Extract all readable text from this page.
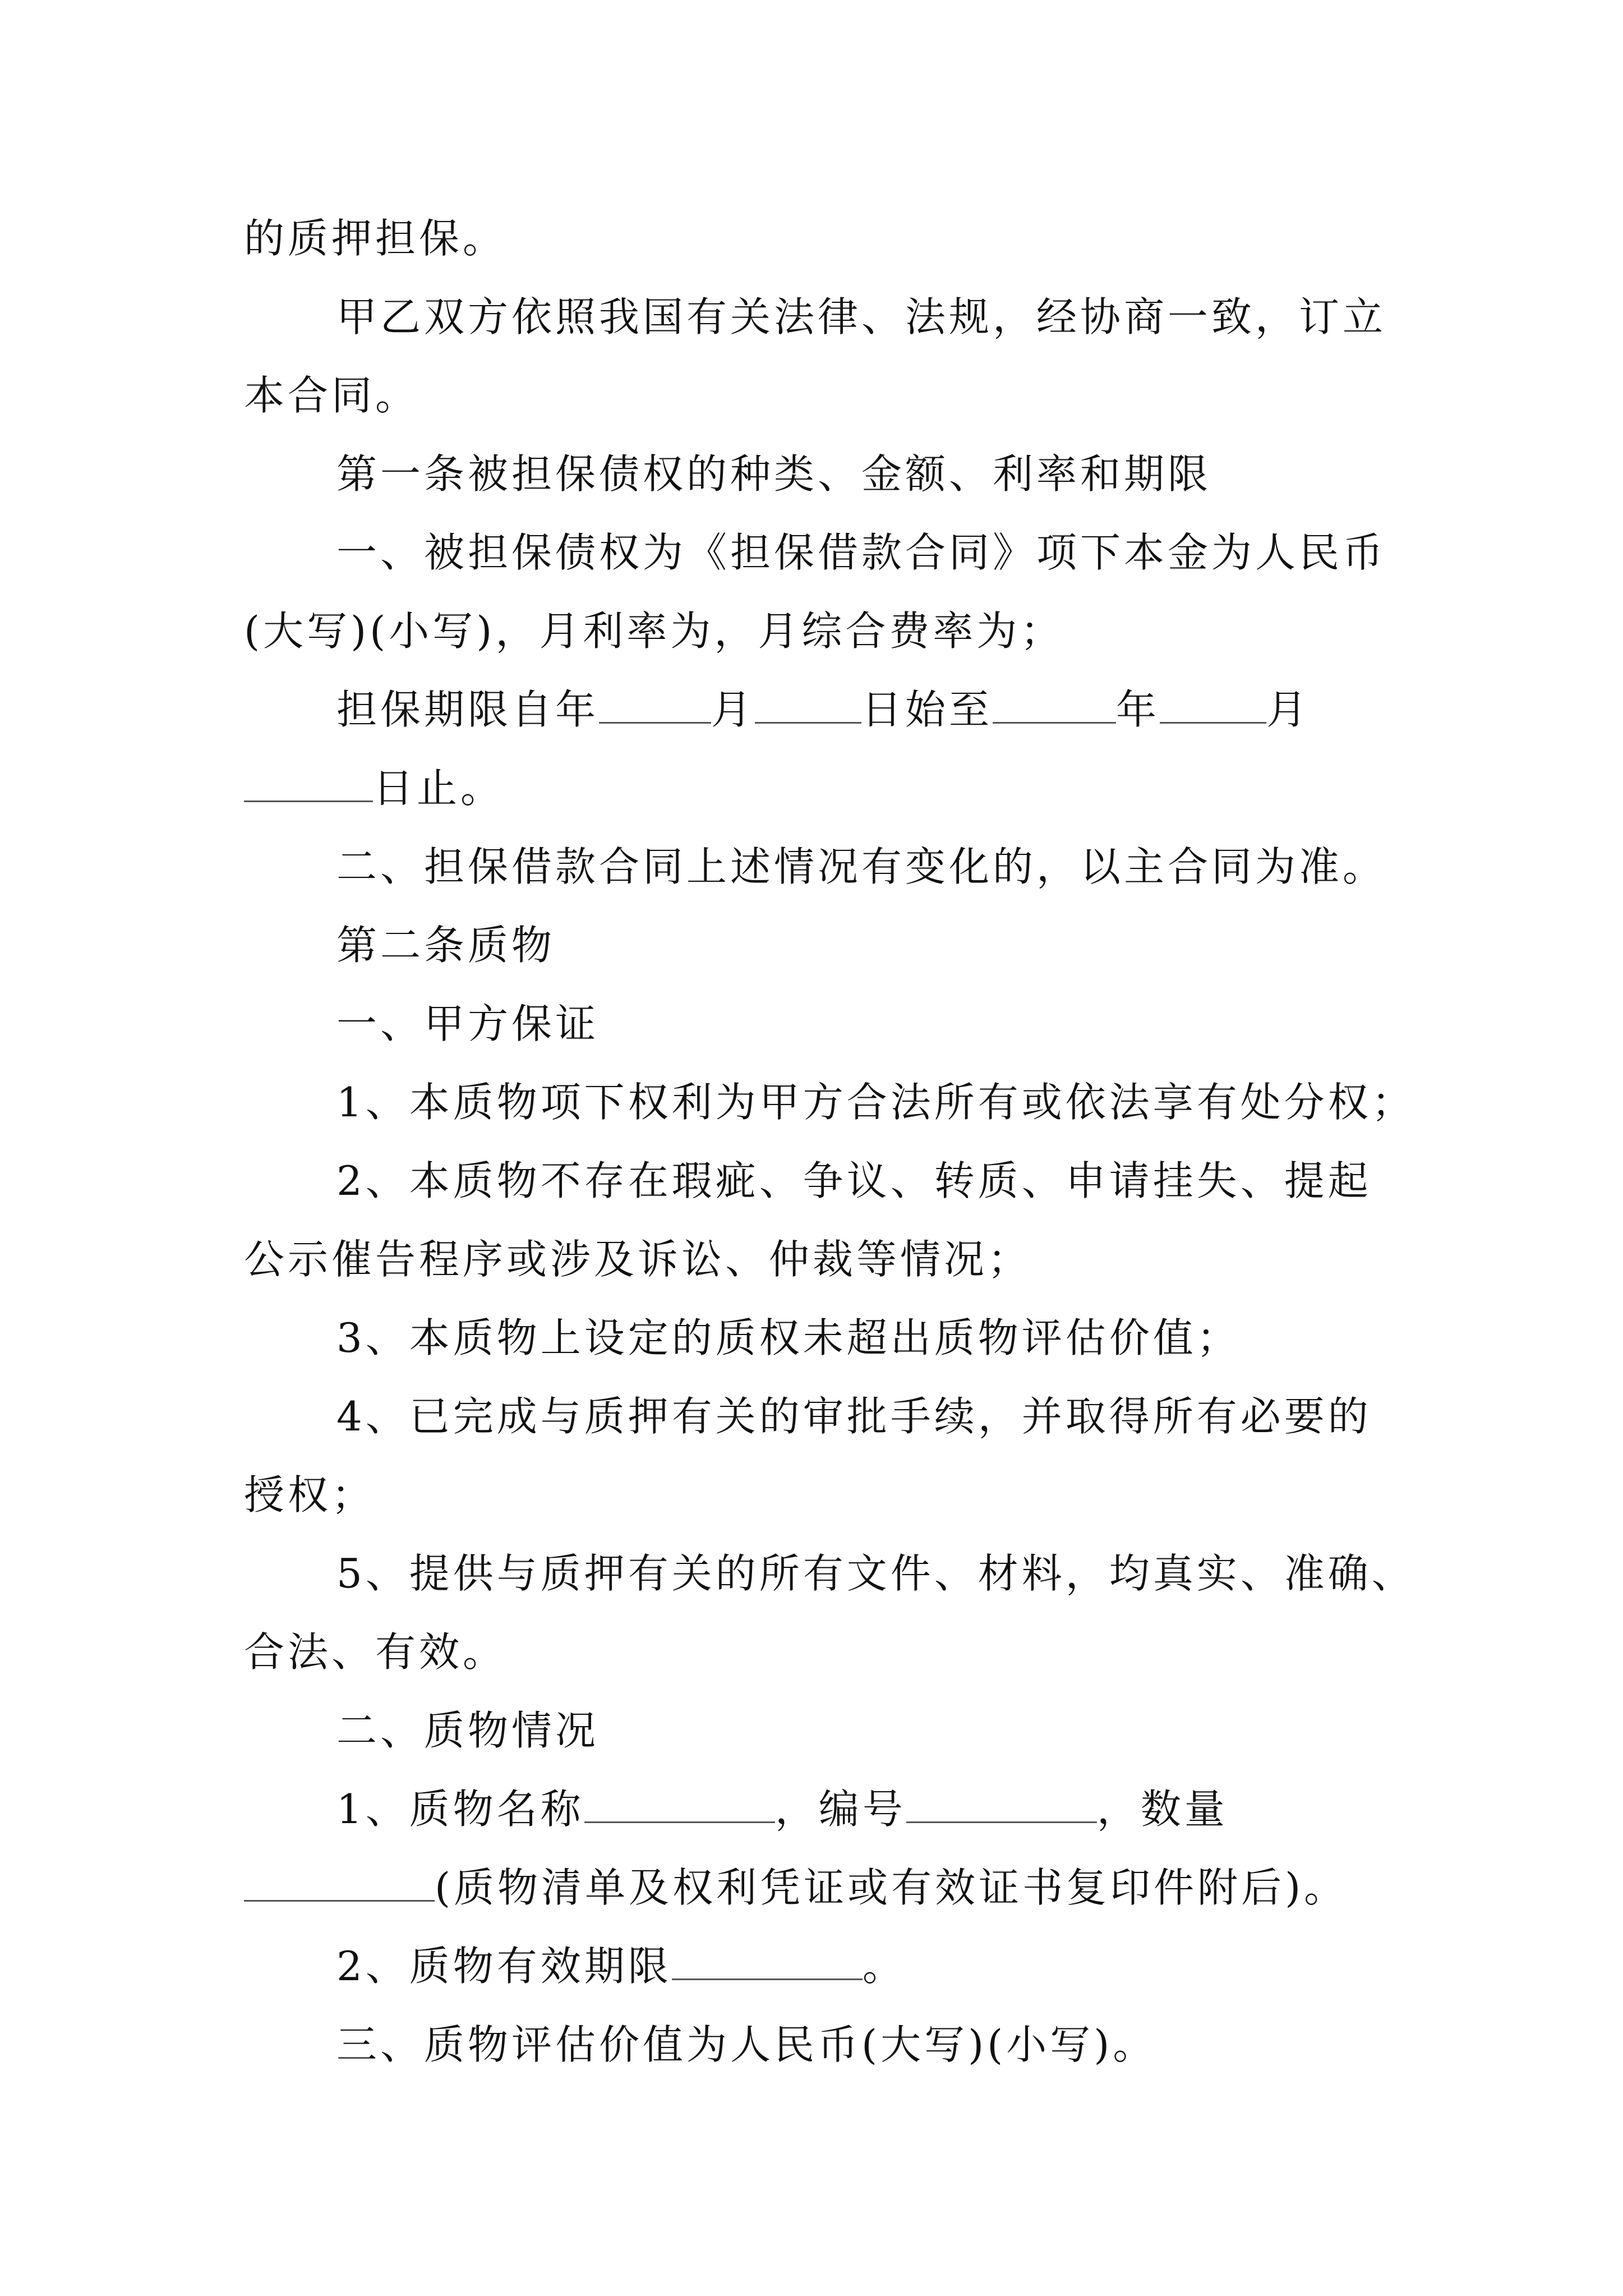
的质押担保。

甲乙双方依照我国有关法律、法规，经协商一致，订立

本合同。

第一条被担保债权的种类、金额、利率和期限

一、被担保债权为《担保借款合同》项下本金为人民币

(大写)(小写)，月利率为，月综合费率为；

担保期限自年	月	日始至	年	月

日止。

二、担保借款合同上述情况有变化的，以主合同为准。

第二条质物

一、甲方保证

1、本质物项下权利为甲方合法所有或依法享有处分权；

2、本质物不存在瑕疵、争议、转质、申请挂失、提起

公示催告程序或涉及诉讼、仲裁等情况；

3、本质物上设定的质权未超出质物评估价值；

4、已完成与质押有关的审批手续，并取得所有必要的

授权；

5、提供与质押有关的所有文件、材料，均真实、准确、

合法、有效。

二、质物情况

1、质物名称	，编号	，数量

(质物清单及权利凭证或有效证书复印件附后)。

2、质物有效期限	。

三、质物评估价值为人民币(大写)(小写)。
